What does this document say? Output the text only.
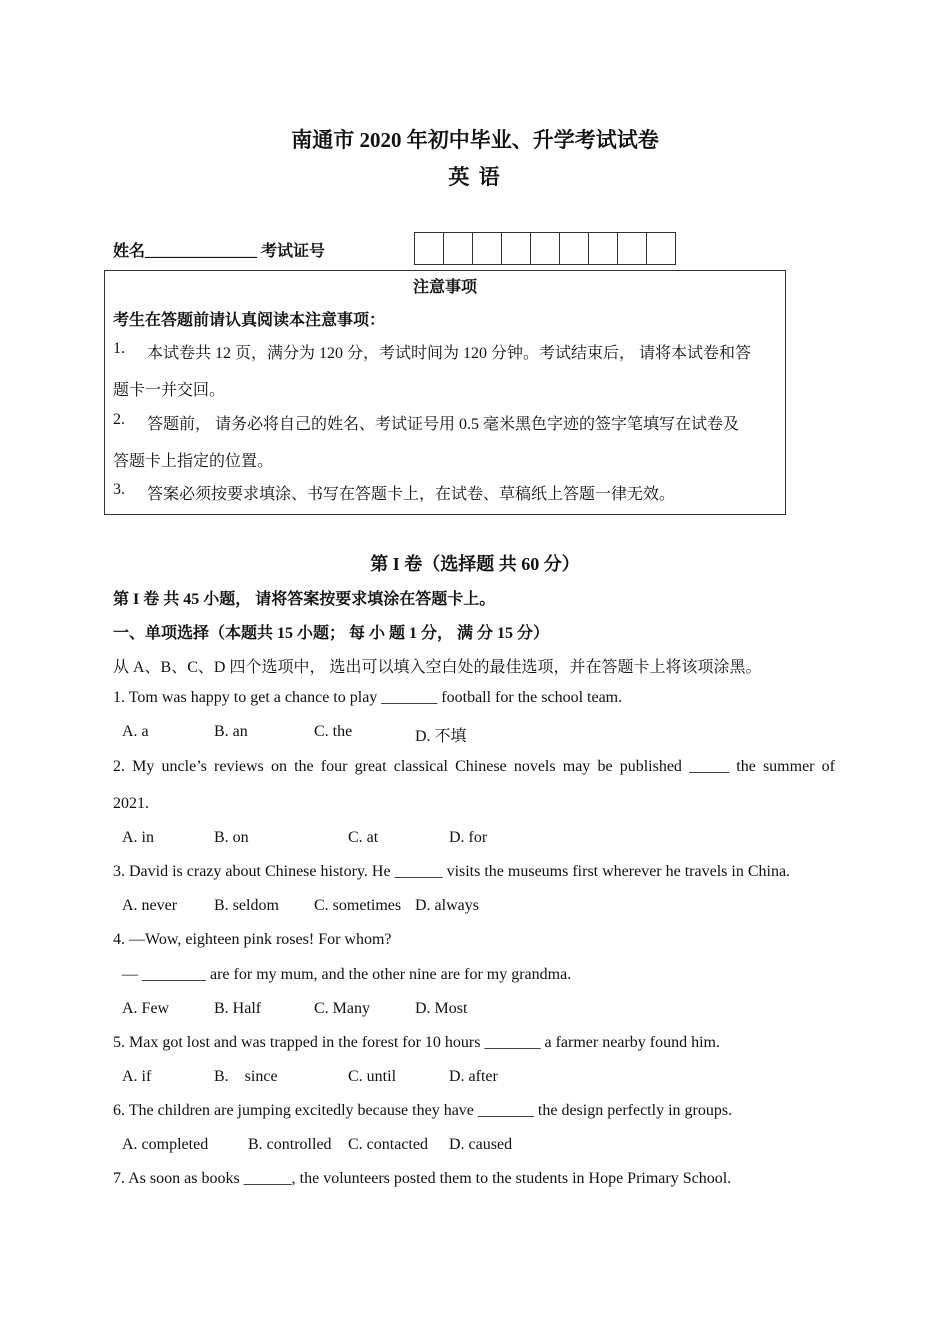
南通市 2020 年初中毕业、升学考试试卷
英 语
姓名______________ 考试证号
注意事项
考生在答题前请认真阅读本注意事项：
1. 本试卷共 12 页，满分为 120 分，考试时间为 120 分钟。考试结束后， 请将本试卷和答
题卡一并交回。
2. 答题前， 请务必将自己的姓名、考试证号用 0.5 毫米黑色字迹的签字笔填写在试卷及
答题卡上指定的位置。
3. 答案必须按要求填涂、书写在答题卡上，在试卷、草稿纸上答题一律无效。
第 I 卷（选择题 共 60 分）
第 I 卷 共 45 小题， 请将答案按要求填涂在答题卡上。
一、单项选择（本题共 15 小题； 每 小 题 1 分， 满 分 15 分）
从 A、B、C、D 四个选项中， 选出可以填入空白处的最佳选项，并在答题卡上将该项涂黑。
1. Tom was happy to get a chance to play _______ football for the school team.
A. a	B. an	C. the	D. 不填
2. My uncle’s reviews on the four great classical Chinese novels may be published _____ the summer of
2021.
A. in	B. on	C. at	D. for
3. David is crazy about Chinese history. He ______ visits the museums first wherever he travels in China.
A. never B. seldom C. sometimes D. always
4. —Wow, eighteen pink roses! For whom?
— ________ are for my mum, and the other nine are for my grandma.
A. Few	B. Half	C. Many	D. Most
5. Max got lost and was trapped in the forest for 10 hours _______ a farmer nearby found him.
A. if	B.    since	C. until	D. after
6. The children are jumping excitedly because they have _______ the design perfectly in groups.
A. completed B. controlled C. contacted D. caused
7. As soon as books ______, the volunteers posted them to the students in Hope Primary School.
